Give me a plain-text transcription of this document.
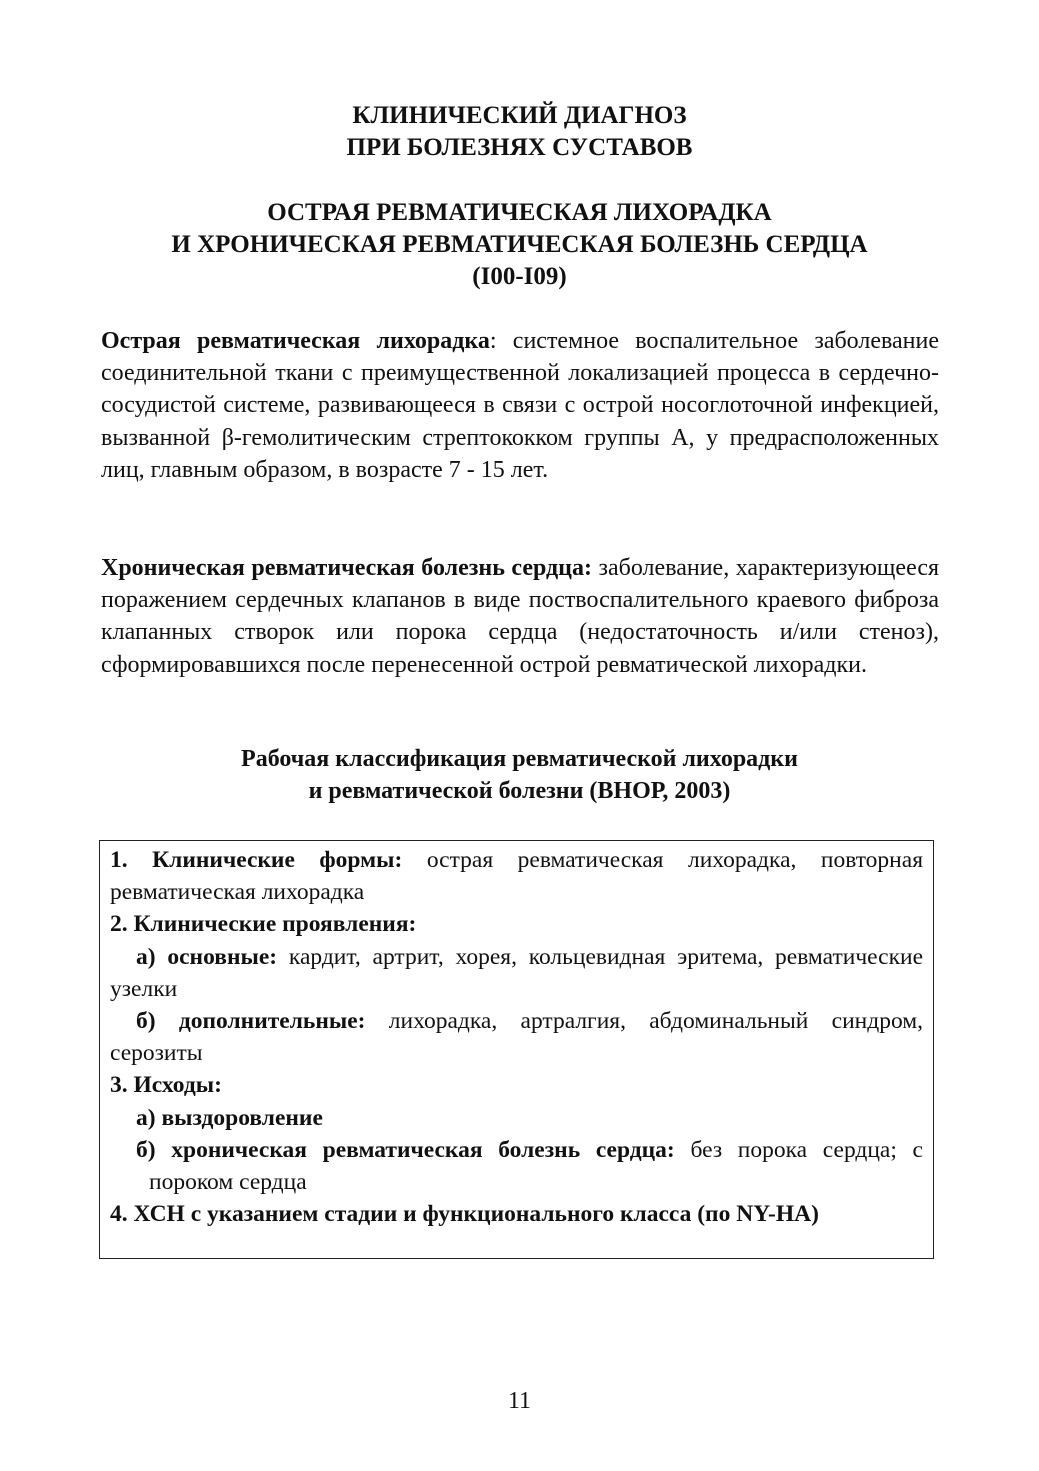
КЛИНИЧЕСКИЙ ДИАГНОЗ
ПРИ БОЛЕЗНЯХ СУСТАВОВ
ОСТРАЯ РЕВМАТИЧЕСКАЯ ЛИХОРАДКА
И ХРОНИЧЕСКАЯ РЕВМАТИЧЕСКАЯ БОЛЕЗНЬ СЕРДЦА
(I00-I09)

Острая ревматическая лихорадка: системное воспалительное заболевание соединительной ткани с преимущественной локализацией процесса в сердечно-сосудистой системе, развивающееся в связи с острой носоглоточной инфекцией, вызванной β-гемолитическим стрептококком группы А, у предрасположенных лиц, главным образом, в возрасте 7 - 15 лет.

Хроническая ревматическая болезнь сердца: заболевание, характеризующееся поражением сердечных клапанов в виде поствоспалительного краевого фиброза клапанных створок или порока сердца (недостаточность и/или стеноз), сформировавшихся после перенесенной острой ревматической лихорадки.

Рабочая классификация ревматической лихорадки
и ревматической болезни (ВНОР, 2003)

1. Клинические формы: острая ревматическая лихорадка, повторная ревматическая лихорадка

2. Клинические проявления:

а) основные: кардит, артрит, хорея, кольцевидная эритема, ревматические узелки

б) дополнительные: лихорадка, артралгия, абдоминальный синдром, серозиты

3. Исходы:

а) выздоровление

б) хроническая ревматическая болезнь сердца: без порока сердца; с пороком сердца

4. ХСН с указанием стадии и функционального класса (по NY-HA)

11
